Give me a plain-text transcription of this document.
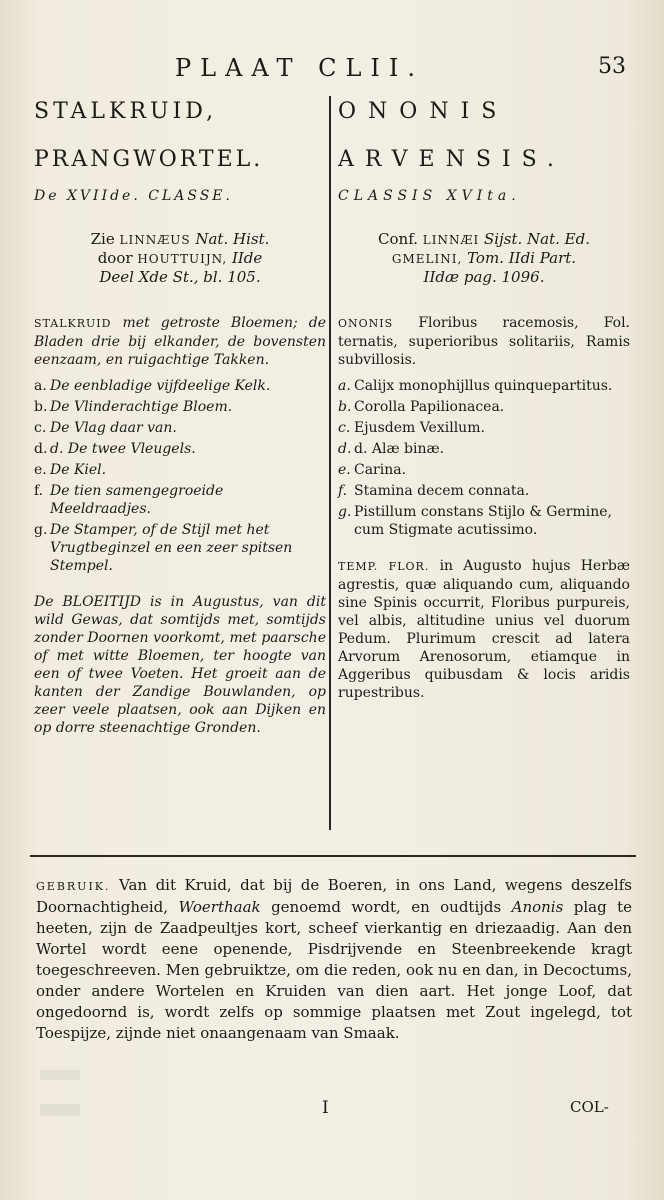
PLAAT CLII.	53
STALKRUID,
PRANGWORTEL.
De XVIIde. CLASSE.
Zie LINNÆUS Nat. Hist.
door HOUTTUIJN, IIde
Deel Xde St., bl. 105.
STALKRUID met getroste Bloemen; de Bladen drie bij elkander, de bovensten eenzaam, en ruigachtige Takken.
a. De eenbladige vijfdeelige Kelk.
b. De Vlinderachtige Bloem.
c. De Vlag daar van.
d. d. De twee Vleugels.
e. De Kiel.
f. De tien samengegroeide Meeldraadjes.
g. De Stamper, of de Stijl met het Vrugtbeginzel en een zeer spitsen Stempel.
De BLOEITIJD is in Augustus, van dit wild Gewas, dat somtijds met, somtijds zonder Doornen voorkomt, met paarsche of met witte Bloemen, ter hoogte van een of twee Voeten. Het groeit aan de kanten der Zandige Bouwlanden, op zeer veele plaatsen, ook aan Dijken en op dorre steenachtige Gronden.
ONONIS
ARVENSIS.
CLASSIS XVIta.
Conf. LINNÆI Sijst. Nat. Ed.
GMELINI, Tom. IIdi Part.
IIdæ pag. 1096.
ONONIS Floribus racemosis, Fol. ternatis, superioribus solitariis, Ramis subvillosis.
a. Calijx monophijllus quinquepartitus.
b. Corolla Papilionacea.
c. Ejusdem Vexillum.
d. d. Alæ binæ.
e. Carina.
f. Stamina decem connata.
g. Pistillum constans Stijlo & Germine, cum Stigmate acutissimo.
TEMP. FLOR. in Augusto hujus Herbæ agrestis, quæ aliquando cum, aliquando sine Spinis occurrit, Floribus purpureis, vel albis, altitudine unius vel duorum Pedum. Plurimum crescit ad latera Arvorum Arenosorum, etiamque in Aggeribus quibusdam & locis aridis rupestribus.
GEBRUIK. Van dit Kruid, dat bij de Boeren, in ons Land, wegens deszelfs Doornachtigheid, Woerthaak genoemd wordt, en oudtijds Anonis plag te heeten, zijn de Zaadpeultjes kort, scheef vierkantig en driezaadig. Aan den Wortel wordt eene openende, Pisdrijvende en Steenbreekende kragt toegeschreeven. Men gebruiktze, om die reden, ook nu en dan, in Decoctums, onder andere Wortelen en Kruiden van dien aart. Het jonge Loof, dat ongedoornd is, wordt zelfs op sommige plaatsen met Zout ingelegd, tot Toespijze, zijnde niet onaangenaam van Smaak.
I	COL-
